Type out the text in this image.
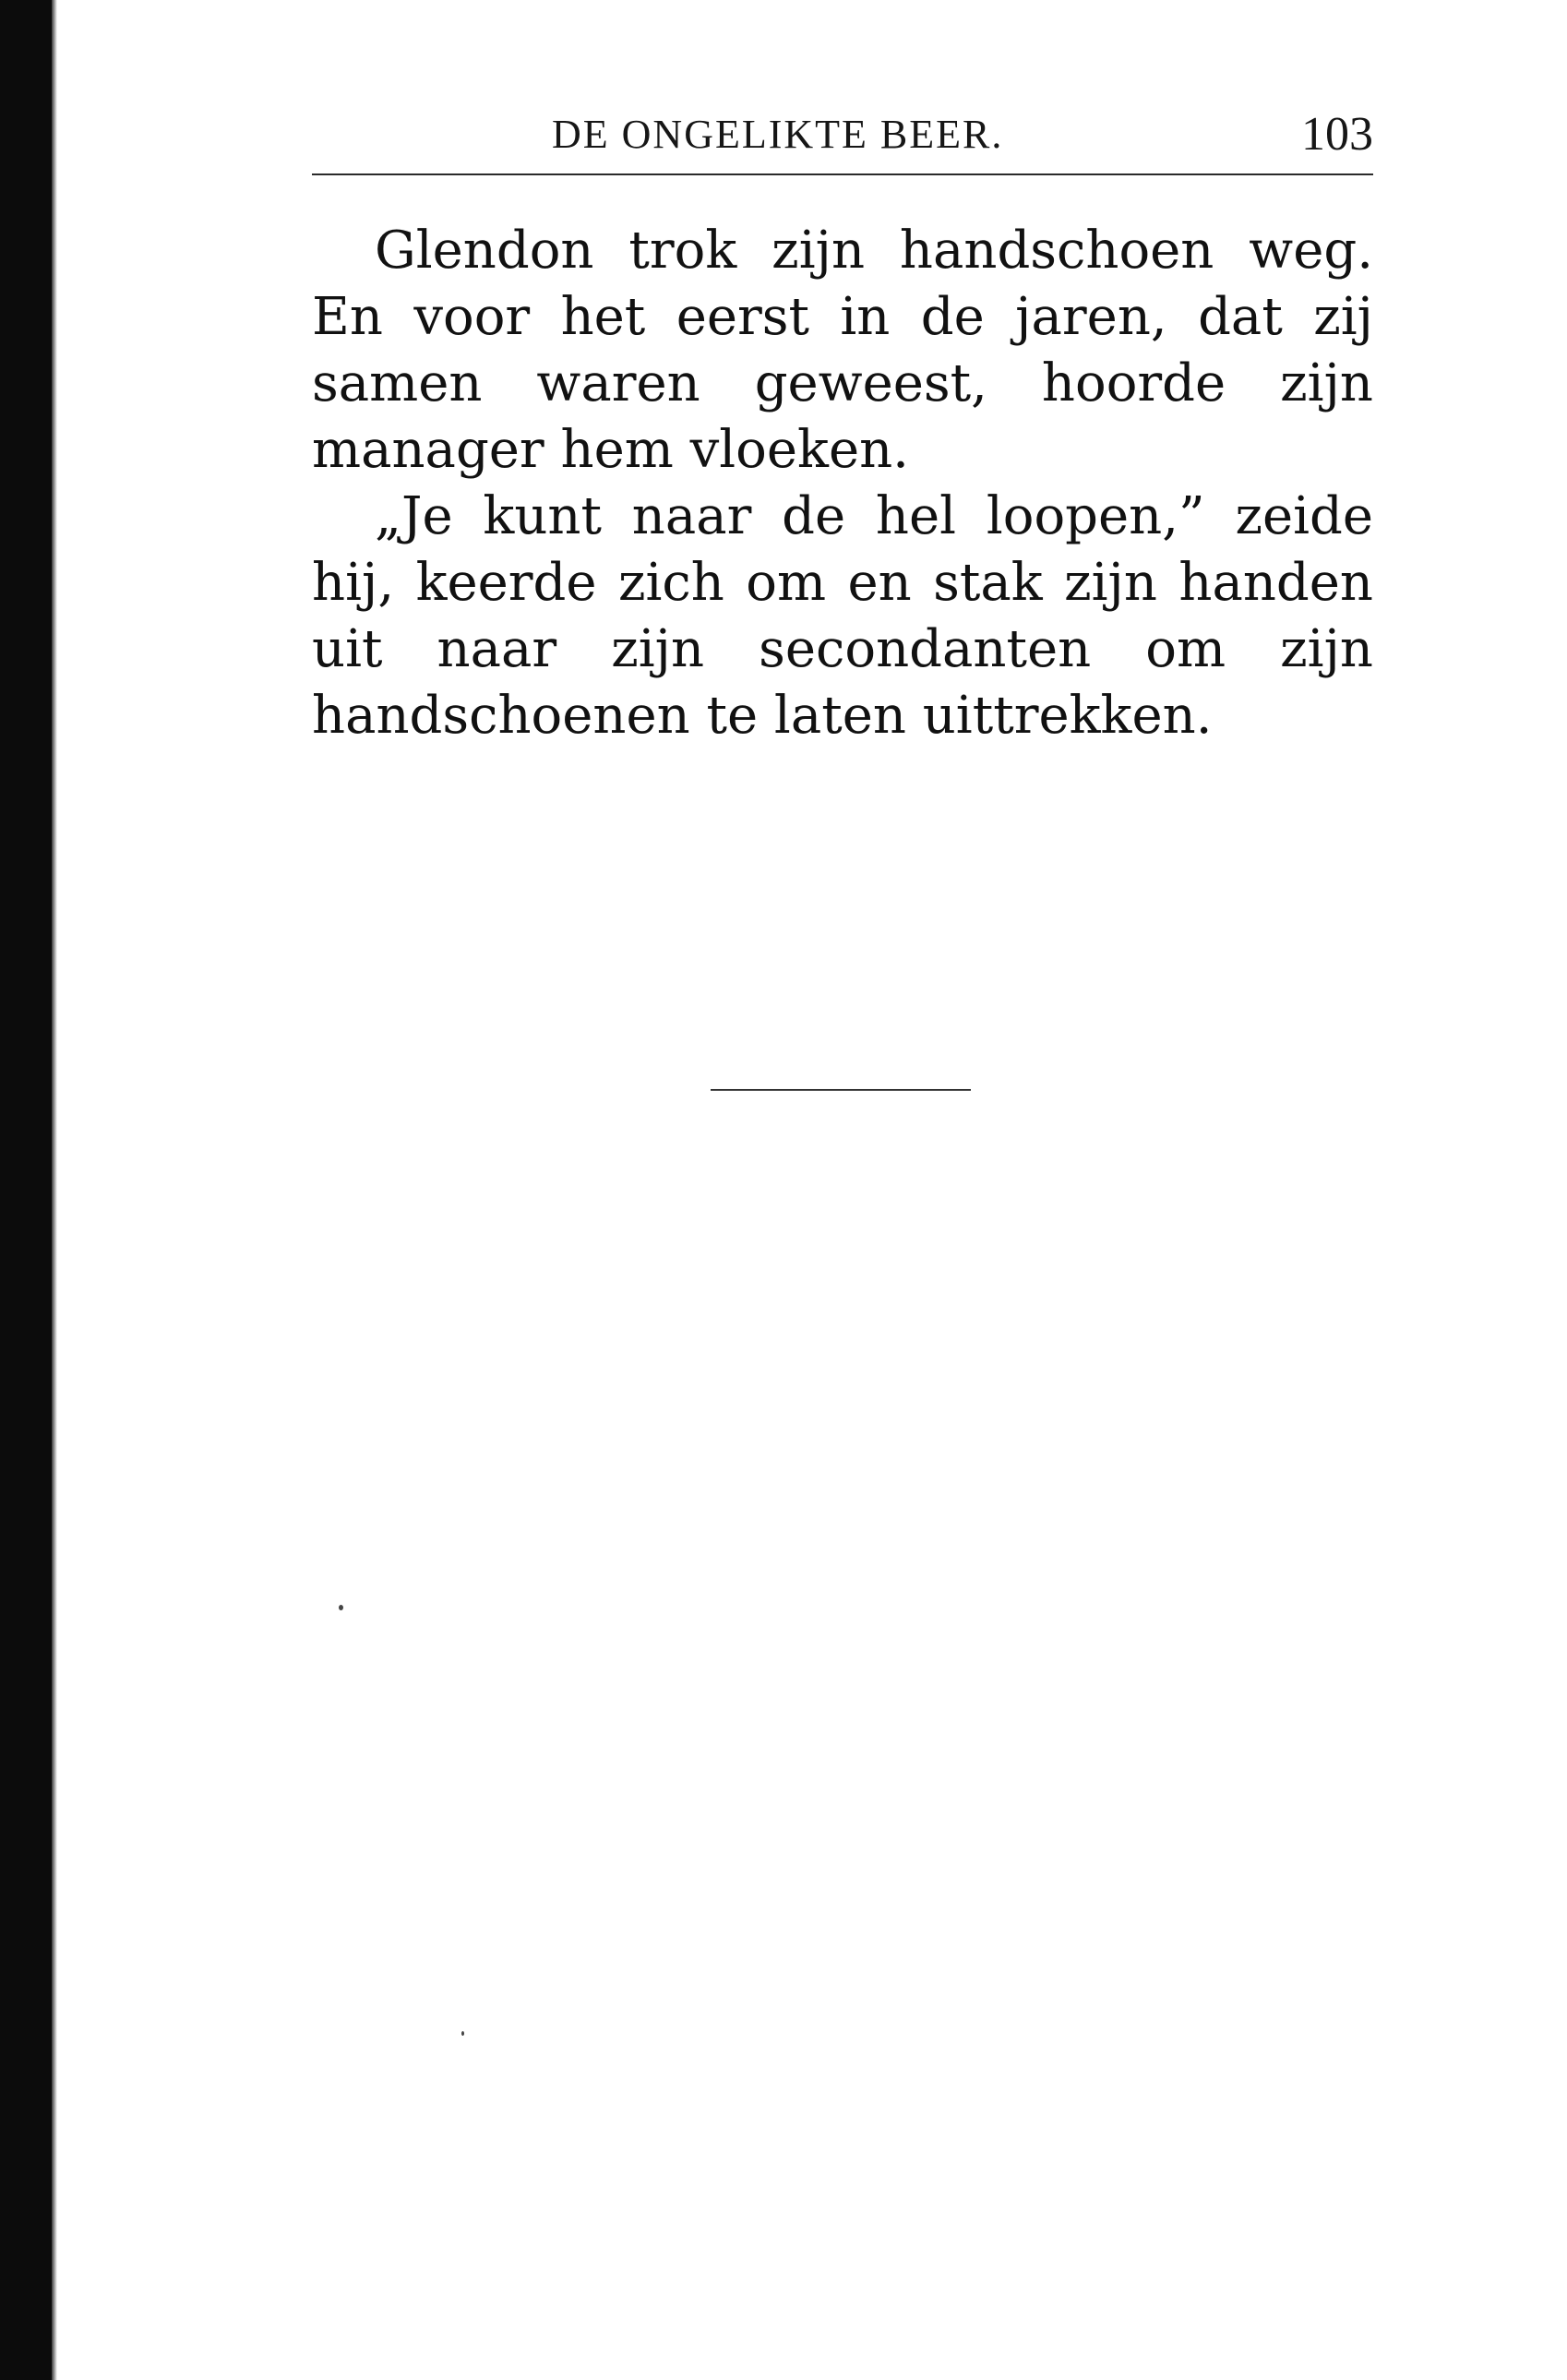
DE ONGELIKTE BEER.	103

Glendon trok zijn handschoen weg. En voor het eerst in de jaren, dat zij samen waren geweest, hoorde zijn manager hem vloeken.

„Je kunt naar de hel loopen,” zeide hij, keerde zich om en stak zijn handen uit naar zijn secondanten om zijn handschoenen te laten uittrekken.
